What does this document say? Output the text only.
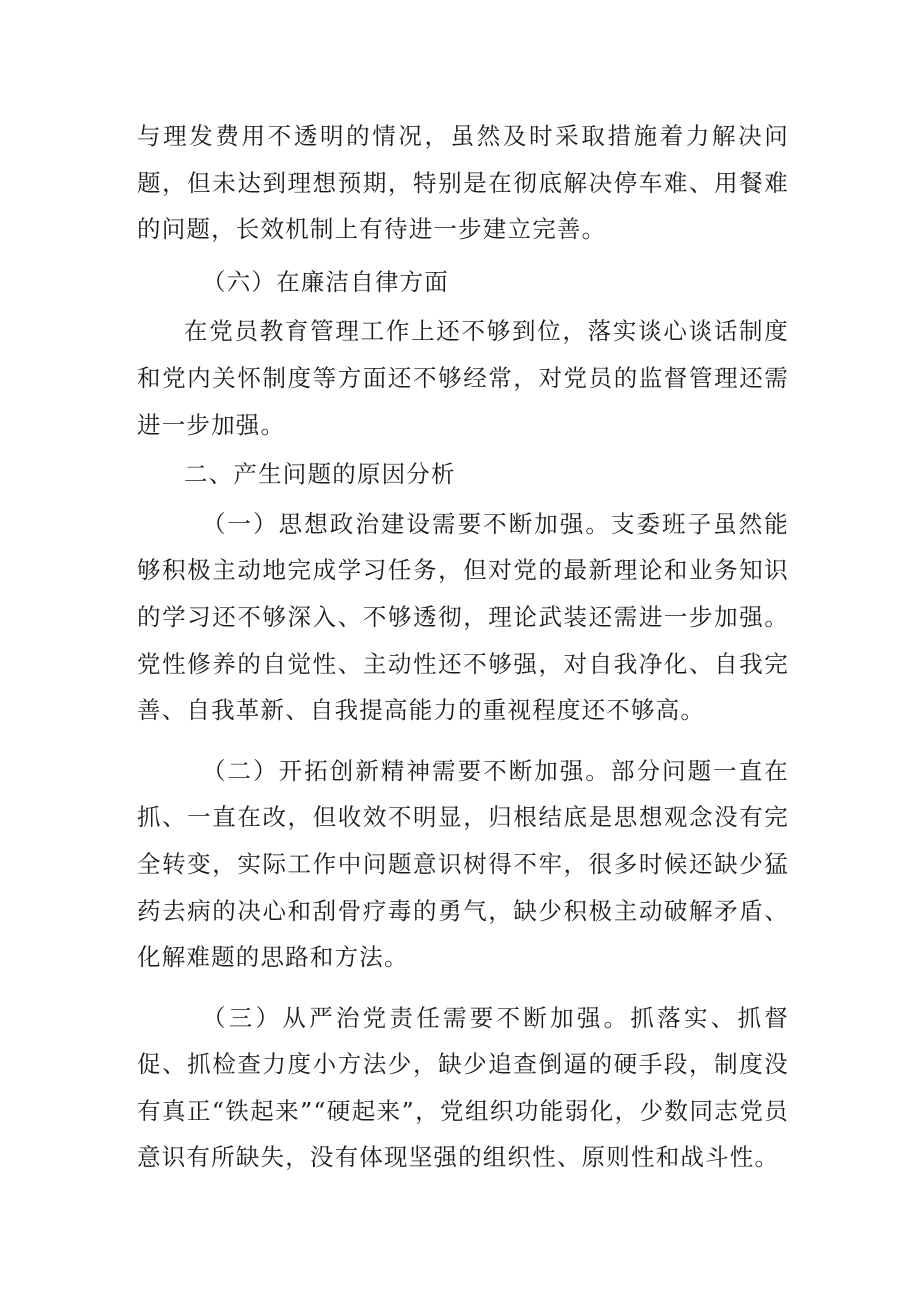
与理发费用不透明的情况，虽然及时采取措施着力解决问题，但未达到理想预期，特别是在彻底解决停车难、用餐难的问题，长效机制上有待进一步建立完善。

（六）在廉洁自律方面

在党员教育管理工作上还不够到位，落实谈心谈话制度和党内关怀制度等方面还不够经常，对党员的监督管理还需进一步加强。

二、产生问题的原因分析

（一）思想政治建设需要不断加强。支委班子虽然能够积极主动地完成学习任务，但对党的最新理论和业务知识的学习还不够深入、不够透彻，理论武装还需进一步加强。党性修养的自觉性、主动性还不够强，对自我净化、自我完善、自我革新、自我提高能力的重视程度还不够高。

（二）开拓创新精神需要不断加强。部分问题一直在抓、一直在改，但收效不明显，归根结底是思想观念没有完全转变，实际工作中问题意识树得不牢，很多时候还缺少猛药去病的决心和刮骨疗毒的勇气，缺少积极主动破解矛盾、化解难题的思路和方法。

（三）从严治党责任需要不断加强。抓落实、抓督促、抓检查力度小方法少，缺少追查倒逼的硬手段，制度没有真正“铁起来”“硬起来”，党组织功能弱化，少数同志党员意识有所缺失，没有体现坚强的组织性、原则性和战斗性。
